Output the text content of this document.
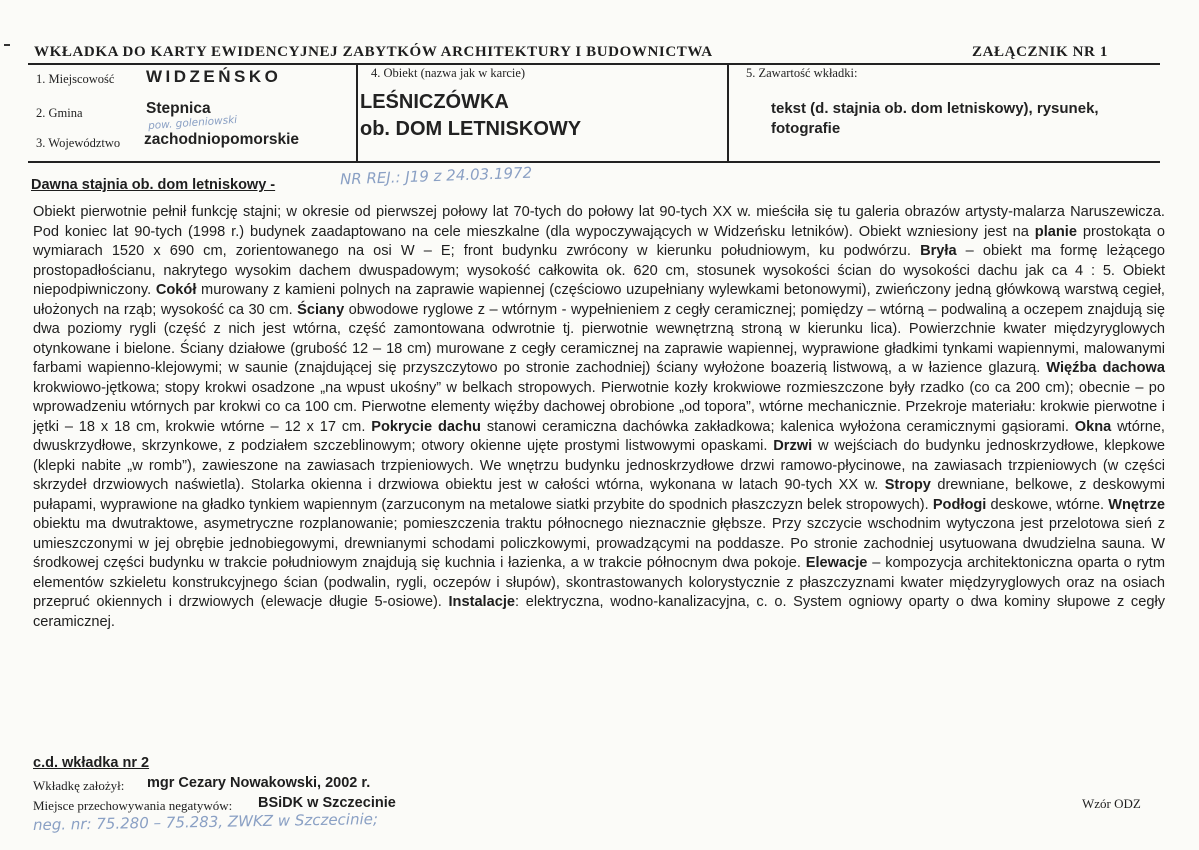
WKŁADKA DO KARTY EWIDENCYJNEJ ZABYTKÓW ARCHITEKTURY I BUDOWNICTWA	ZAŁĄCZNIK NR 1
1. Miejscowość WIDZEŃSKO
2. Gmina	Stepnica
pow. goleniowski
3. Województwo zachodniopomorskie
4. Obiekt (nazwa jak w karcie)
LEŚNICZÓWKA
ob. DOM LETNISKOWY
5. Zawartość wkładki:
tekst (d. stajnia ob. dom letniskowy), rysunek,
fotografie
Dawna stajnia ob. dom letniskowy -	NR REJ.: J19 z 24.03.1972
Obiekt pierwotnie pełnił funkcję stajni; w okresie od pierwszej połowy lat 70-tych do połowy lat 90-tych XX w. mieściła się tu galeria obrazów artysty-malarza Naruszewicza. Pod koniec lat 90-tych (1998 r.) budynek zaadaptowano na cele mieszkalne (dla wypoczywających w Widzeńsku letników). Obiekt wzniesiony jest na planie prostokąta o wymiarach 1520 x 690 cm, zorientowanego na osi W – E; front budynku zwrócony w kierunku południowym, ku podwórzu. Bryła – obiekt ma formę leżącego prostopadłościanu, nakrytego wysokim dachem dwuspadowym; wysokość całkowita ok. 620 cm, stosunek wysokości ścian do wysokości dachu jak ca 4 : 5. Obiekt niepodpiwniczony. Cokół murowany z kamieni polnych na zaprawie wapiennej (częściowo uzupełniany wylewkami betonowymi), zwieńczony jedną główkową warstwą cegieł, ułożonych na rząb; wysokość ca 30 cm. Ściany obwodowe ryglowe z – wtórnym - wypełnieniem z cegły ceramicznej; pomiędzy – wtórną – podwaliną a oczepem znajdują się dwa poziomy rygli (część z nich jest wtórna, część zamontowana odwrotnie tj. pierwotnie wewnętrzną stroną w kierunku lica). Powierzchnie kwater międzyryglowych otynkowane i bielone. Ściany działowe (grubość 12 – 18 cm) murowane z cegły ceramicznej na zaprawie wapiennej, wyprawione gładkimi tynkami wapiennymi, malowanymi farbami wapienno-klejowymi; w saunie (znajdującej się przyszczytowo po stronie zachodniej) ściany wyłożone boazerią listwową, a w łazience glazurą. Więźba dachowa krokwiowo-jętkowa; stopy krokwi osadzone „na wpust ukośny” w belkach stropowych. Pierwotnie kozły krokwiowe rozmieszczone były rzadko (co ca 200 cm); obecnie – po wprowadzeniu wtórnych par krokwi co ca 100 cm. Pierwotne elementy więźby dachowej obrobione „od topora”, wtórne mechanicznie. Przekroje materiału: krokwie pierwotne i jętki – 18 x 18 cm, krokwie wtórne – 12 x 17 cm. Pokrycie dachu stanowi ceramiczna dachówka zakładkowa; kalenica wyłożona ceramicznymi gąsiorami. Okna wtórne, dwuskrzydłowe, skrzynkowe, z podziałem szczeblinowym; otwory okienne ujęte prostymi listwowymi opaskami. Drzwi w wejściach do budynku jednoskrzydłowe, klepkowe (klepki nabite „w romb”), zawieszone na zawiasach trzpieniowych. We wnętrzu budynku jednoskrzydłowe drzwi ramowo-płycinowe, na zawiasach trzpieniowych (w części skrzydeł drzwiowych naświetla). Stolarka okienna i drzwiowa obiektu jest w całości wtórna, wykonana w latach 90-tych XX w. Stropy drewniane, belkowe, z deskowymi pułapami, wyprawione na gładko tynkiem wapiennym (zarzuconym na metalowe siatki przybite do spodnich płaszczyzn belek stropowych). Podłogi deskowe, wtórne. Wnętrze obiektu ma dwutraktowe, asymetryczne rozplanowanie; pomieszczenia traktu północnego nieznacznie głębsze. Przy szczycie wschodnim wytyczona jest przelotowa sień z umieszczonymi w jej obrębie jednobiegowymi, drewnianymi schodami policzkowymi, prowadzącymi na poddasze. Po stronie zachodniej usytuowana dwudzielna sauna. W środkowej części budynku w trakcie południowym znajdują się kuchnia i łazienka, a w trakcie północnym dwa pokoje. Elewacje – kompozycja architektoniczna oparta o rytm elementów szkieletu konstrukcyjnego ścian (podwalin, rygli, oczepów i słupów), skontrastowanych kolorystycznie z płaszczyznami kwater międzyryglowych oraz na osiach przepruć okiennych i drzwiowych (elewacje długie 5-osiowe). Instalacje: elektryczna, wodno-kanalizacyjna, c. o. System ogniowy oparty o dwa kominy słupowe z cegły ceramicznej.
c.d. wkładka nr 2
Wkładkę założył: mgr Cezary Nowakowski, 2002 r.
Miejsce przechowywania negatywów: BSiDK w Szczecinie
neg. nr: 75.280 – 75.283, ZWKZ w Szczecinie;
Wzór ODZ
